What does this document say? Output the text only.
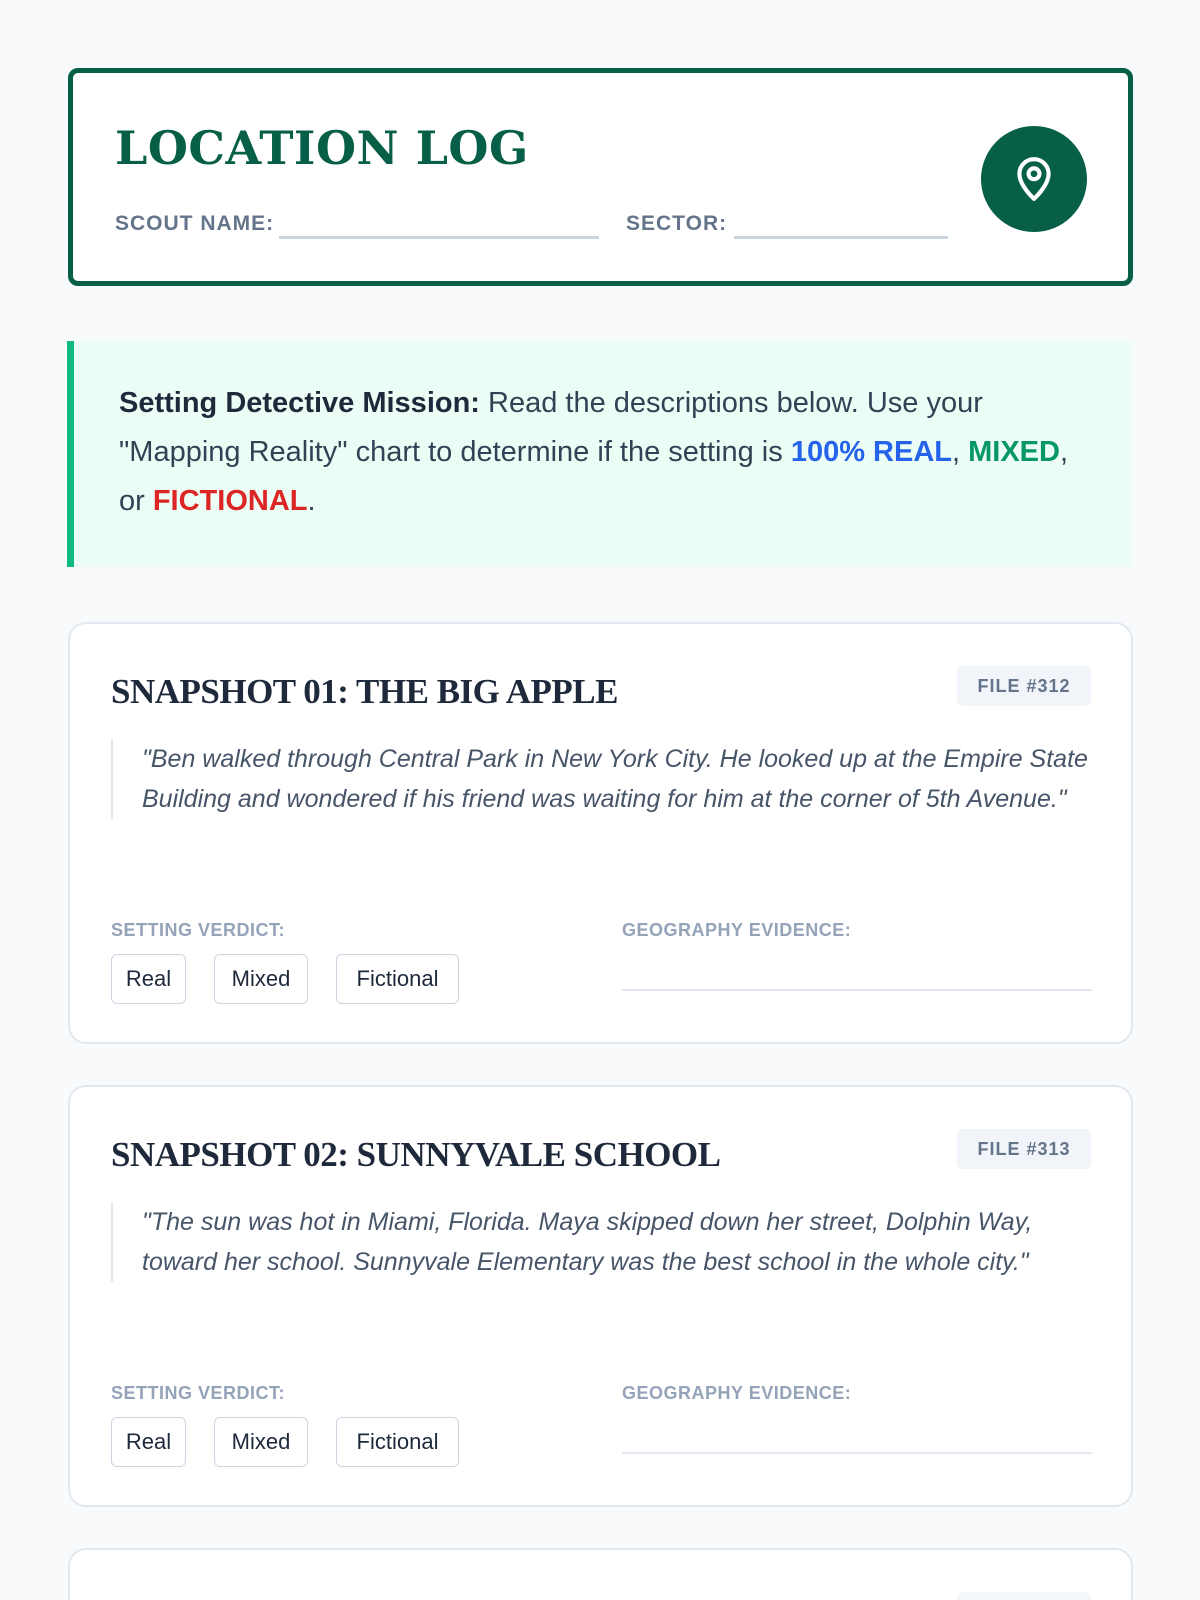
LOCATION LOG
SCOUT NAME:	SECTOR:
Setting Detective Mission: Read the descriptions below. Use your "Mapping Reality" chart to determine if the setting is 100% REAL, MIXED, or FICTIONAL.
SNAPSHOT 01: THE BIG APPLE	FILE #312
"Ben walked through Central Park in New York City. He looked up at the Empire State Building and wondered if his friend was waiting for him at the corner of 5th Avenue."
SETTING VERDICT:	GEOGRAPHY EVIDENCE:
Real	Mixed	Fictional
SNAPSHOT 02: SUNNYVALE SCHOOL	FILE #313
"The sun was hot in Miami, Florida. Maya skipped down her street, Dolphin Way, toward her school. Sunnyvale Elementary was the best school in the whole city."
SETTING VERDICT:	GEOGRAPHY EVIDENCE:
Real	Mixed	Fictional
